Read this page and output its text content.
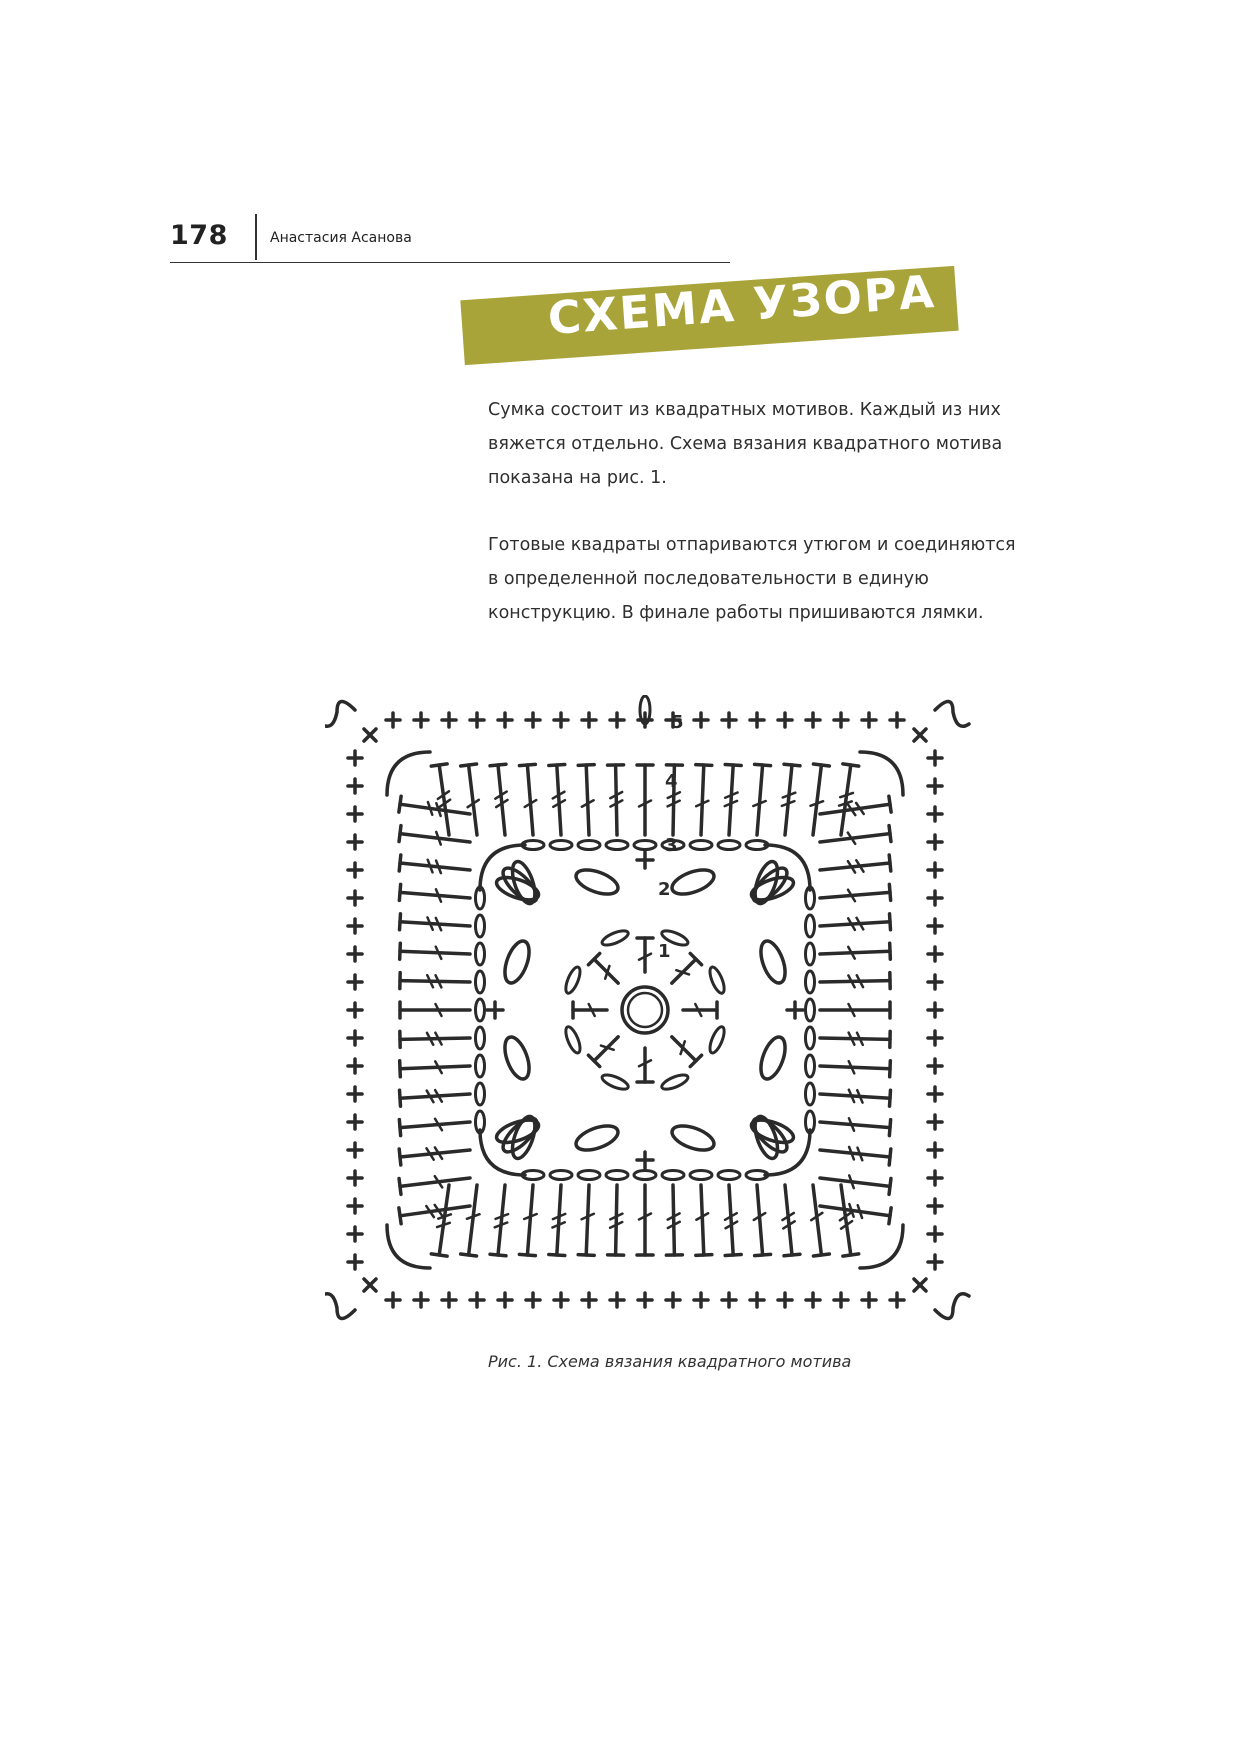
178	Анастасия Асанова
СХЕМА УЗОРА

Сумка состоит из квадратных мотивов. Каждый из них
вяжется отдельно. Схема вязания квадратного мотива
показана на рис. 1.

Готовые квадраты отпариваются утюгом и соединяются
в определенной последовательности в единую
конструкцию. В финале работы пришиваются лямки.

1
2
3
4
5
Рис. 1. Схема вязания квадратного мотива
